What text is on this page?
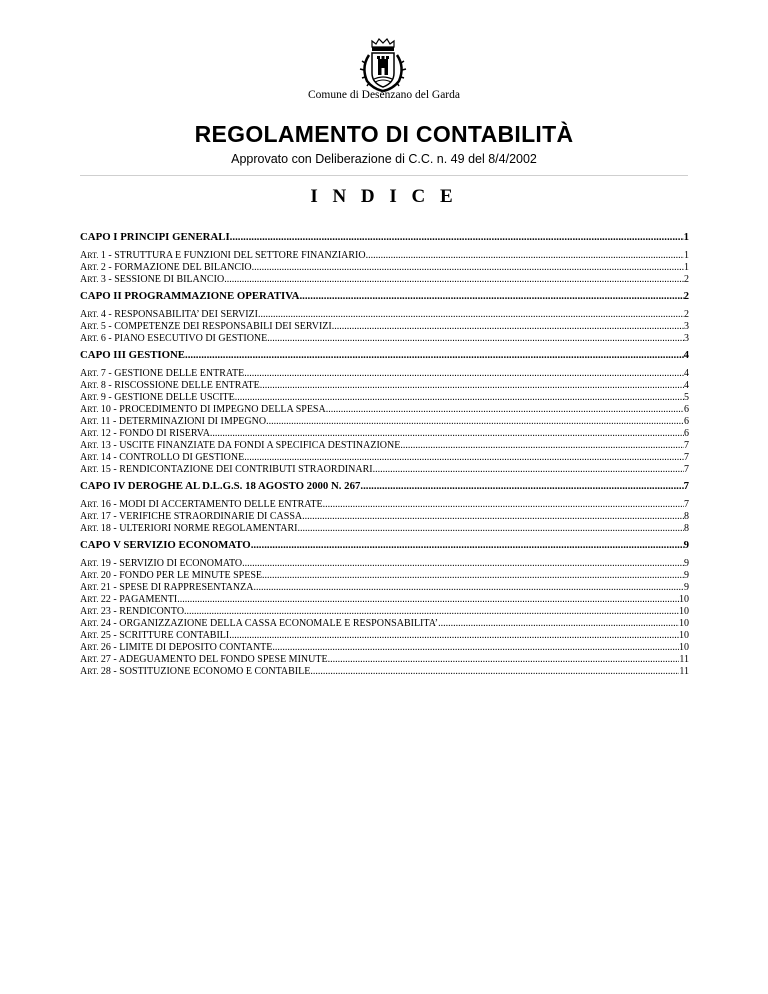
Comune di Desenzano del Garda
REGOLAMENTO DI CONTABILITÀ
Approvato con Deliberazione di C.C. n. 49 del 8/4/2002
I N D I C E
CAPO I PRINCIPI GENERALI .....	1
ART. 1 - STRUTTURA E FUNZIONI DEL SETTORE FINANZIARIO .....	1
ART. 2 - FORMAZIONE DEL BILANCIO .....	1
ART. 3 - SESSIONE DI BILANCIO .....	2
CAPO II PROGRAMMAZIONE OPERATIVA .....	2
ART. 4 - RESPONSABILITA’ DEI SERVIZI .....	2
ART. 5 - COMPETENZE DEI RESPONSABILI DEI SERVIZI .....	3
ART. 6 - PIANO ESECUTIVO DI GESTIONE .....	3
CAPO III GESTIONE .....	4
ART. 7 - GESTIONE DELLE ENTRATE .....	4
ART. 8 - RISCOSSIONE DELLE ENTRATE .....	4
ART. 9 - GESTIONE DELLE USCITE .....	5
ART. 10 - PROCEDIMENTO DI IMPEGNO DELLA SPESA .....	6
ART. 11 - DETERMINAZIONI DI IMPEGNO .....	6
ART. 12 - FONDO DI RISERVA .....	6
ART. 13 - USCITE FINANZIATE DA FONDI A SPECIFICA DESTINAZIONE .....	7
ART. 14 - CONTROLLO DI GESTIONE .....	7
ART. 15 - RENDICONTAZIONE DEI CONTRIBUTI STRAORDINARI .....	7
CAPO IV DEROGHE AL D.L.G.S. 18 AGOSTO 2000 N. 267 .....	7
ART. 16 - MODI DI ACCERTAMENTO DELLE ENTRATE .....	7
ART. 17 - VERIFICHE STRAORDINARIE DI CASSA .....	8
ART. 18 - ULTERIORI NORME REGOLAMENTARI .....	8
CAPO V SERVIZIO ECONOMATO .....	9
ART. 19 - SERVIZIO DI ECONOMATO .....	9
ART. 20 - FONDO PER LE MINUTE SPESE .....	9
ART. 21 - SPESE DI RAPPRESENTANZA .....	9
ART. 22 - PAGAMENTI .....	10
ART. 23 - RENDICONTO .....	10
ART. 24 - ORGANIZZAZIONE DELLA CASSA ECONOMALE E RESPONSABILITA’ .....	10
ART. 25 - SCRITTURE CONTABILI .....	10
ART. 26 - LIMITE DI DEPOSITO CONTANTE .....	10
ART. 27 - ADEGUAMENTO DEL FONDO SPESE MINUTE .....	11
ART. 28 - SOSTITUZIONE ECONOMO E CONTABILE .....	11
